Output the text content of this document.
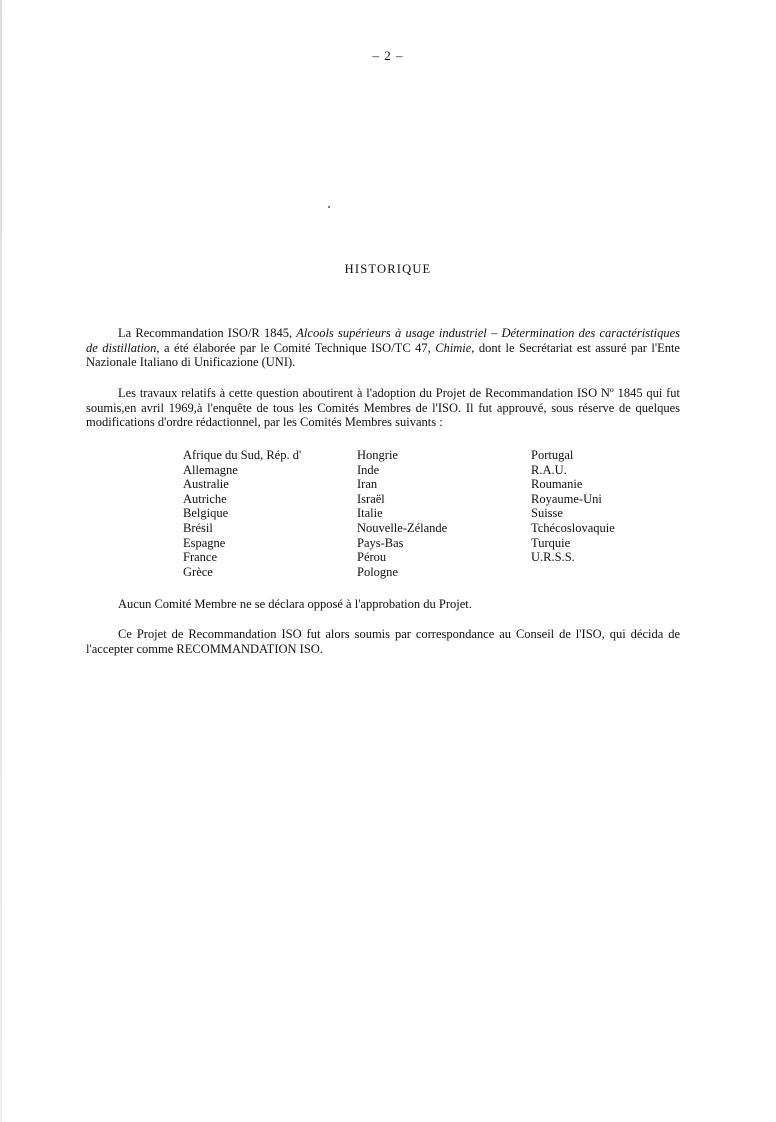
– 2 –
HISTORIQUE
La Recommandation ISO/R 1845, Alcools supérieurs à usage industriel – Détermination des caractéristiques de distillation, a été élaborée par le Comité Technique ISO/TC 47, Chimie, dont le Secrétariat est assuré par l'Ente Nazionale Italiano di Unificazione (UNI).
Les travaux relatifs à cette question aboutirent à l'adoption du Projet de Recommandation ISO Nº 1845 qui fut soumis,en avril 1969,à l'enquête de tous les Comités Membres de l'ISO. Il fut approuvé, sous réserve de quelques modifications d'ordre rédactionnel, par les Comités Membres suivants :
Afrique du Sud, Rép. d'
Allemagne
Australie
Autriche
Belgique
Brésil
Espagne
France
Grèce
Hongrie
Inde
Iran
Israël
Italie
Nouvelle-Zélande
Pays-Bas
Pérou
Pologne
Portugal
R.A.U.
Roumanie
Royaume-Uni
Suisse
Tchécoslovaquie
Turquie
U.R.S.S.
Aucun Comité Membre ne se déclara opposé à l'approbation du Projet.
Ce Projet de Recommandation ISO fut alors soumis par correspondance au Conseil de l'ISO, qui décida de l'accepter comme RECOMMANDATION ISO.
